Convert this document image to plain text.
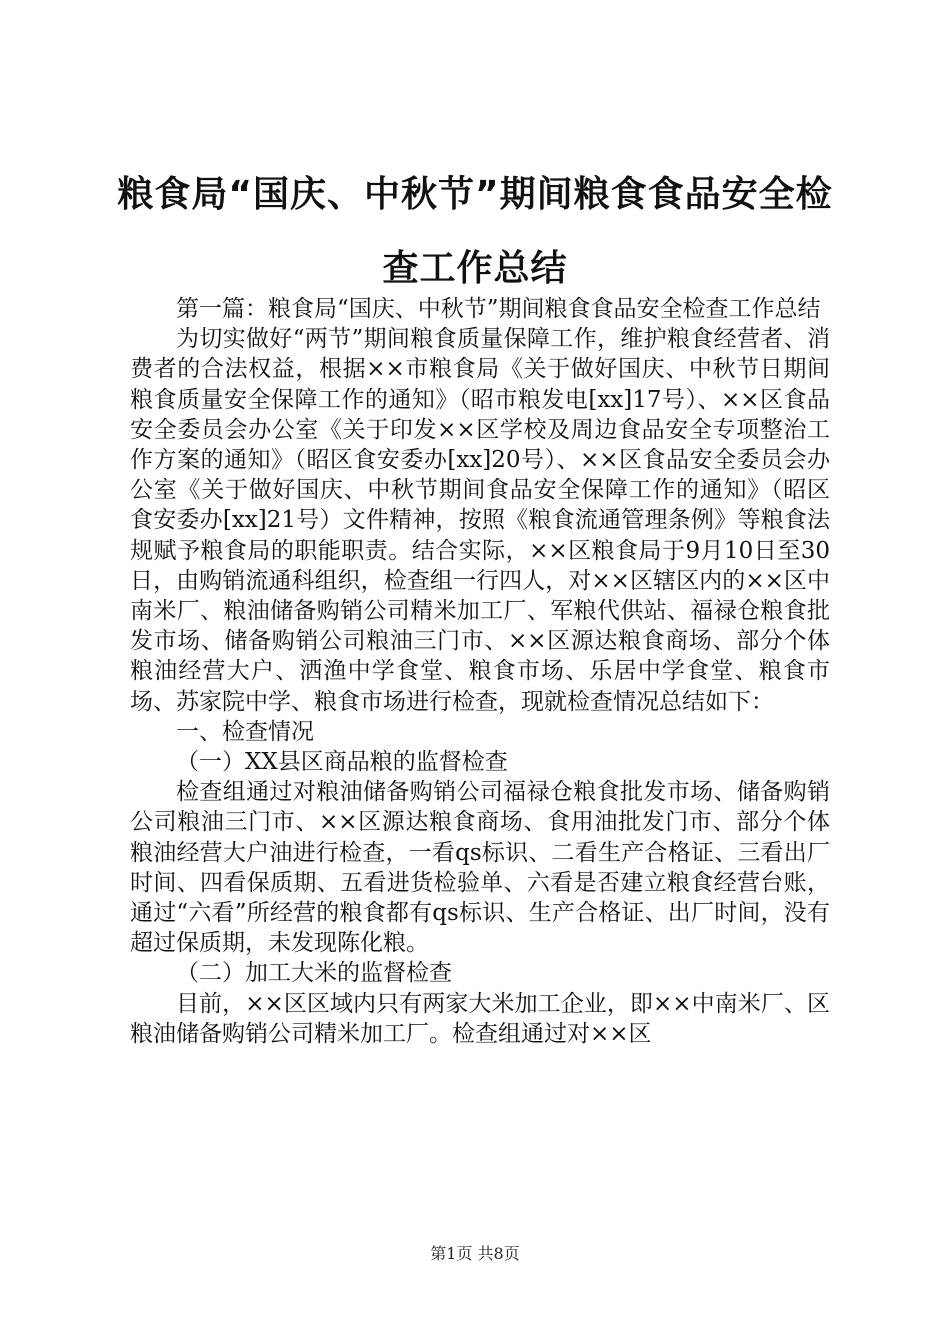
粮食局“国庆、中秋节”期间粮食食品安全检查工作总结

第一篇：粮食局“国庆、中秋节”期间粮食食品安全检查工作总结

为切实做好“两节”期间粮食质量保障工作，维护粮食经营者、消费者的合法权益，根据××市粮食局《关于做好国庆、中秋节日期间粮食质量安全保障工作的通知》（昭市粮发电[xx]17号）、××区食品安全委员会办公室《关于印发××区学校及周边食品安全专项整治工作方案的通知》（昭区食安委办[xx]20号）、××区食品安全委员会办公室《关于做好国庆、中秋节期间食品安全保障工作的通知》（昭区食安委办[xx]21号）文件精神，按照《粮食流通管理条例》等粮食法规赋予粮食局的职能职责。结合实际，××区粮食局于9月10日至30日，由购销流通科组织，检查组一行四人，对××区辖区内的××区中南米厂、粮油储备购销公司精米加工厂、军粮代供站、福禄仓粮食批发市场、储备购销公司粮油三门市、××区源达粮食商场、部分个体粮油经营大户、洒渔中学食堂、粮食市场、乐居中学食堂、粮食市场、苏家院中学、粮食市场进行检查，现就检查情况总结如下：

一、检查情况

（一）XX县区商品粮的监督检查

检查组通过对粮油储备购销公司福禄仓粮食批发市场、储备购销公司粮油三门市、××区源达粮食商场、食用油批发门市、部分个体粮油经营大户油进行检查，一看qs标识、二看生产合格证、三看出厂时间、四看保质期、五看进货检验单、六看是否建立粮食经营台账，通过“六看”所经营的粮食都有qs标识、生产合格证、出厂时间，没有超过保质期，未发现陈化粮。

（二）加工大米的监督检查

目前，××区区域内只有两家大米加工企业，即××中南米厂、区粮油储备购销公司精米加工厂。检查组通过对××区

第1页 共8页
